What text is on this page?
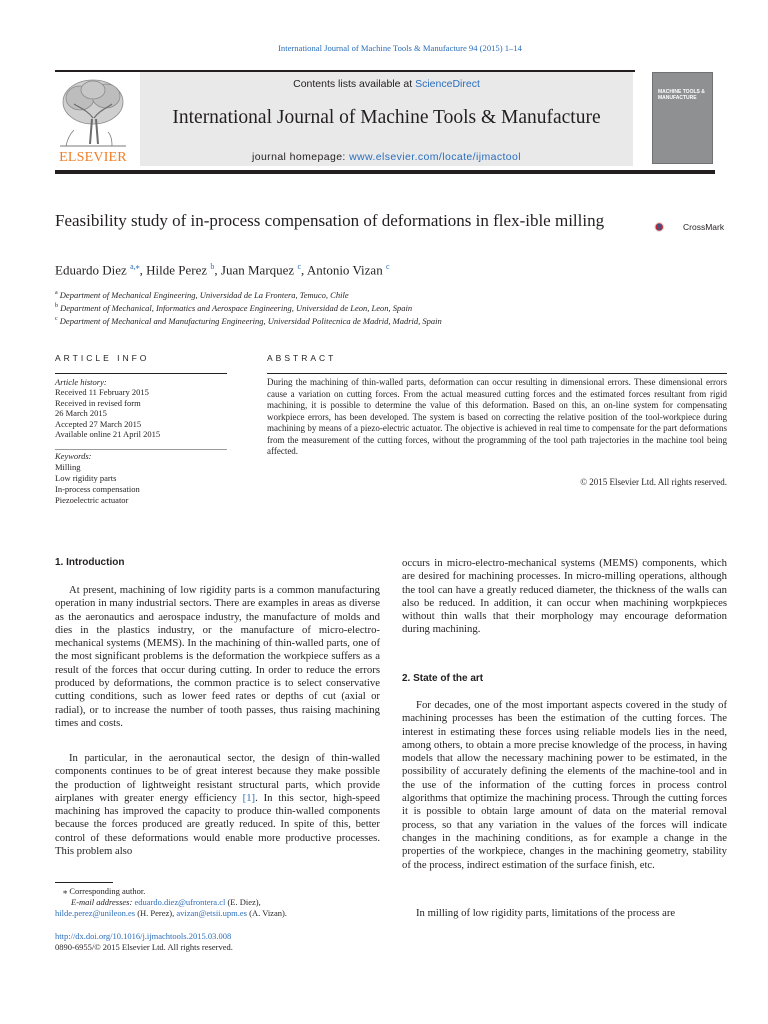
International Journal of Machine Tools & Manufacture 94 (2015) 1–14
Contents lists available at ScienceDirect
International Journal of Machine Tools & Manufacture
journal homepage: www.elsevier.com/locate/ijmactool
ELSEVIER
MACHINE TOOLS & MANUFACTURE
Feasibility study of in-process compensation of deformations in flex-ible milling	CrossMark
Eduardo Diez $^{a,⁎}$, Hilde Perez $^b$, Juan Marquez $^c$, Antonio Vizan $^c$
$^a$ Department of Mechanical Engineering, Universidad de La Frontera, Temuco, Chile
$^b$ Department of Mechanical, Informatics and Aerospace Engineering, Universidad de Leon, Leon, Spain
$^c$ Department of Mechanical and Manufacturing Engineering, Universidad Politecnica de Madrid, Madrid, Spain
ARTICLE INFO	ABSTRACT
Article history:
Received 11 February 2015
Received in revised form
26 March 2015
Accepted 27 March 2015
Available online 21 April 2015
Keywords:
Milling
Low rigidity parts
In-process compensation
Piezoelectric actuator
During the machining of thin-walled parts, deformation can occur resulting in dimensional errors. These dimensional errors cause a variation on cutting forces. From the actual measured cutting forces and the estimated forces resultant from rigid machining, it is possible to determine the value of this deformation. Based on this, an on-line system for compensating workpiece errors, has been developed. The system is based on correcting the relative position of the tool-workpiece during machining by means of a piezo-electric actuator. The objective is achieved in real time to compensate for the part deformations from the measurement of the cutting forces, without the programming of the tool path trajectories in the machine tool being affected.
© 2015 Elsevier Ltd. All rights reserved.
1. Introduction
At present, machining of low rigidity parts is a common manufacturing operation in many industrial sectors. There are examples in areas as diverse as the aeronautics and aerospace industry, the manufacture of molds and dies in the plastics industry, or the manufacture of micro-electro-mechanical systems (MEMS). In the machining of thin-walled parts, one of the most significant problems is the deformation the workpiece suffers as a result of the forces that occur during cutting. In order to reduce the errors produced by deformations, the common practice is to select conservative cutting conditions, such as lower feed rates or depths of cut (axial or radial), or to increase the number of tooth passes, thus raising machining times and costs.
In particular, in the aeronautical sector, the design of thin-walled components continues to be of great interest because they make possible the production of lightweight resistant structural parts, which provide airplanes with greater energy efficiency [1]. In this sector, high-speed machining has improved the capacity to produce thin-walled components because the forces produced are greatly reduced. In spite of this, better control of these deformations would enable more productive processes. This problem also
occurs in micro-electro-mechanical systems (MEMS) components, which are desired for machining processes. In micro-milling operations, although the tool can have a greatly reduced diameter, the thickness of the walls can also be reduced. In addition, it can occur when machining worpkpieces without thin walls that their morphology may encourage deformation during machining.
2. State of the art
For decades, one of the most important aspects covered in the study of machining processes has been the estimation of the cutting forces. The interest in estimating these forces using reliable models lies in the need, among others, to obtain a more precise knowledge of the process, in having models that allow the necessary machining power to be estimated, in the possibility of accurately defining the elements of the machine-tool and in the use of the information of the cutting forces in process control algorithms that optimize the machining process. Through the cutting forces it is possible to obtain large amount of data on the material removal process, so that any variation in the values of the forces will indicate changes in the machining conditions, as for example a change in the properties of the workpiece, changes in the machining geometry, stability of the process, indirect estimation of the surface finish, etc.
In milling of low rigidity parts, limitations of the process are
⁎ Corresponding author.
E-mail addresses: eduardo.diez@ufrontera.cl (E. Diez),
hilde.perez@unileon.es (H. Perez), avizan@etsii.upm.es (A. Vizan).
http://dx.doi.org/10.1016/j.ijmachtools.2015.03.008
0890-6955/© 2015 Elsevier Ltd. All rights reserved.
